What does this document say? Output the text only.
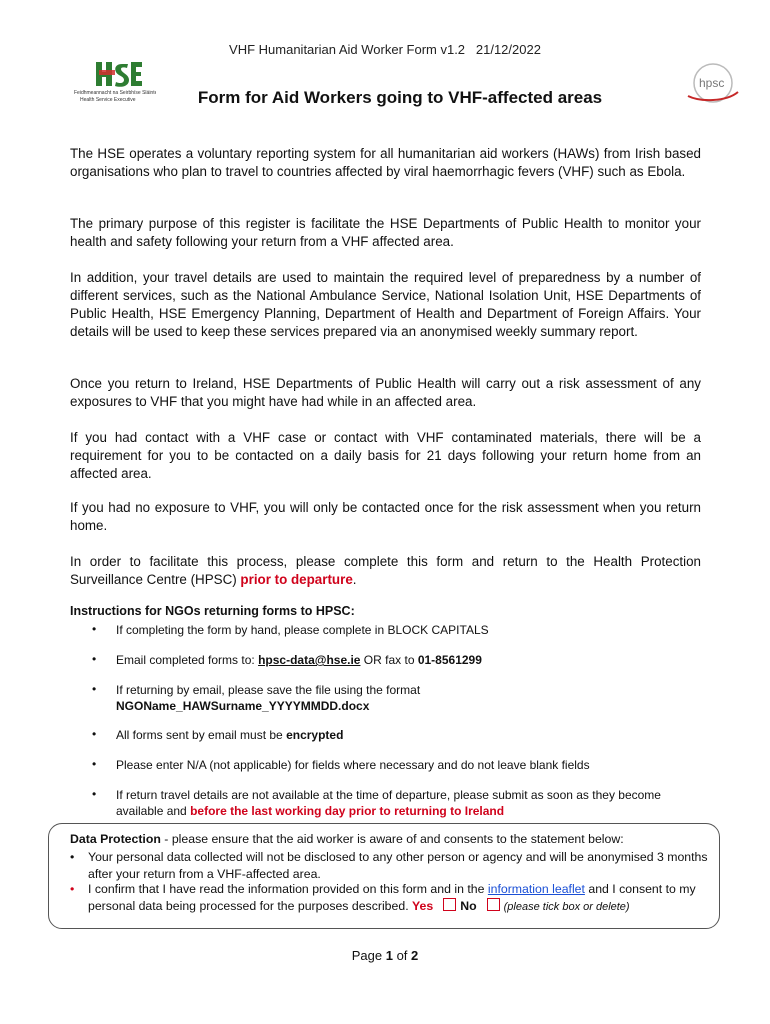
VHF Humanitarian Aid Worker Form v1.2 21/12/2022
Feidhmeannacht na Seirbhíse Sláinte
Health Service Executive
hpsc
Form for Aid Workers going to VHF-affected areas
The HSE operates a voluntary reporting system for all humanitarian aid workers (HAWs) from Irish based organisations who plan to travel to countries affected by viral haemorrhagic fevers (VHF) such as Ebola.
The primary purpose of this register is facilitate the HSE Departments of Public Health to monitor your health and safety following your return from a VHF affected area.
In addition, your travel details are used to maintain the required level of preparedness by a number of different services, such as the National Ambulance Service, National Isolation Unit, HSE Departments of Public Health, HSE Emergency Planning, Department of Health and Department of Foreign Affairs. Your details will be used to keep these services prepared via an anonymised weekly summary report.
Once you return to Ireland, HSE Departments of Public Health will carry out a risk assessment of any exposures to VHF that you might have had while in an affected area.
If you had contact with a VHF case or contact with VHF contaminated materials, there will be a requirement for you to be contacted on a daily basis for 21 days following your return home from an affected area.
If you had no exposure to VHF, you will only be contacted once for the risk assessment when you return home.
In order to facilitate this process, please complete this form and return to the Health Protection Surveillance Centre (HPSC) prior to departure.
Instructions for NGOs returning forms to HPSC:
• If completing the form by hand, please complete in BLOCK CAPITALS
• Email completed forms to: hpsc-data@hse.ie OR fax to 01-8561299
• If returning by email, please save the file using the format
NGOName_HAWSurname_YYYYMMDD.docx
• All forms sent by email must be encrypted
• Please enter N/A (not applicable) for fields where necessary and do not leave blank fields
• If return travel details are not available at the time of departure, please submit as soon as they become available and before the last working day prior to returning to Ireland
Data Protection - please ensure that the aid worker is aware of and consents to the statement below:
•	Your personal data collected will not be disclosed to any other person or agency and will be anonymised 3 months after your return from a VHF-affected area.
•	I confirm that I have read the information provided on this form and in the information leaflet and I consent to my personal data being processed for the purposes described. Yes No (please tick box or delete)
Page 1 of 2
